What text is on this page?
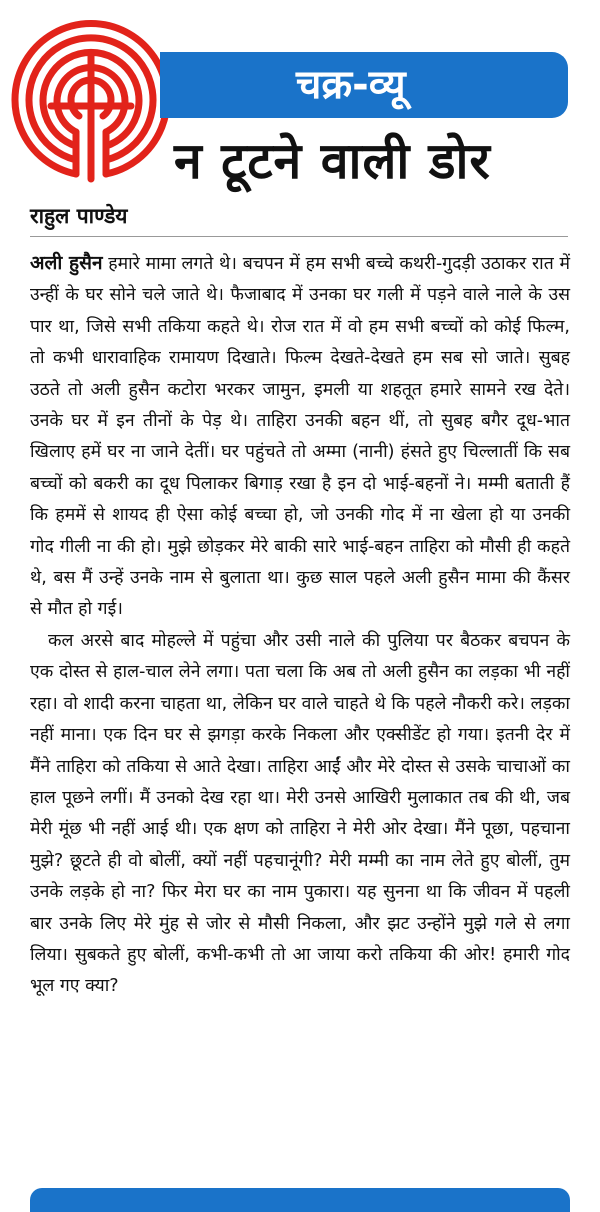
चक्र-व्यू
न टूटने वाली डोर
राहुल पाण्डेय

अली हुसैन हमारे मामा लगते थे। बचपन में हम सभी बच्चे कथरी-गुदड़ी उठाकर रात में उन्हीं के घर सोने चले जाते थे। फैजाबाद में उनका घर गली में पड़ने वाले नाले के उस पार था, जिसे सभी तकिया कहते थे। रोज रात में वो हम सभी बच्चों को कोई फिल्म, तो कभी धारावाहिक रामायण दिखाते। फिल्म देखते-देखते हम सब सो जाते। सुबह उठते तो अली हुसैन कटोरा भरकर जामुन, इमली या शहतूत हमारे सामने रख देते। उनके घर में इन तीनों के पेड़ थे। ताहिरा उनकी बहन थीं, तो सुबह बगैर दूध-भात खिलाए हमें घर ना जाने देतीं। घर पहुंचते तो अम्मा (नानी) हंसते हुए चिल्लातीं कि सब बच्चों को बकरी का दूध पिलाकर बिगाड़ रखा है इन दो भाई-बहनों ने। मम्मी बताती हैं कि हममें से शायद ही ऐसा कोई बच्चा हो, जो उनकी गोद में ना खेला हो या उनकी गोद गीली ना की हो। मुझे छोड़कर मेरे बाकी सारे भाई-बहन ताहिरा को मौसी ही कहते थे, बस मैं उन्हें उनके नाम से बुलाता था। कुछ साल पहले अली हुसैन मामा की कैंसर से मौत हो गई।

कल अरसे बाद मोहल्ले में पहुंचा और उसी नाले की पुलिया पर बैठकर बचपन के एक दोस्त से हाल-चाल लेने लगा। पता चला कि अब तो अली हुसैन का लड़का भी नहीं रहा। वो शादी करना चाहता था, लेकिन घर वाले चाहते थे कि पहले नौकरी करे। लड़का नहीं माना। एक दिन घर से झगड़ा करके निकला और एक्सीडेंट हो गया। इतनी देर में मैंने ताहिरा को तकिया से आते देखा। ताहिरा आईं और मेरे दोस्त से उसके चाचाओं का हाल पूछने लगीं। मैं उनको देख रहा था। मेरी उनसे आखिरी मुलाकात तब की थी, जब मेरी मूंछ भी नहीं आई थी। एक क्षण को ताहिरा ने मेरी ओर देखा। मैंने पूछा, पहचाना मुझे? छूटते ही वो बोलीं, क्यों नहीं पहचानूंगी? मेरी मम्मी का नाम लेते हुए बोलीं, तुम उनके लड़के हो ना? फिर मेरा घर का नाम पुकारा। यह सुनना था कि जीवन में पहली बार उनके लिए मेरे मुंह से जोर से मौसी निकला, और झट उन्होंने मुझे गले से लगा लिया। सुबकते हुए बोलीं, कभी-कभी तो आ जाया करो तकिया की ओर! हमारी गोद भूल गए क्या?
